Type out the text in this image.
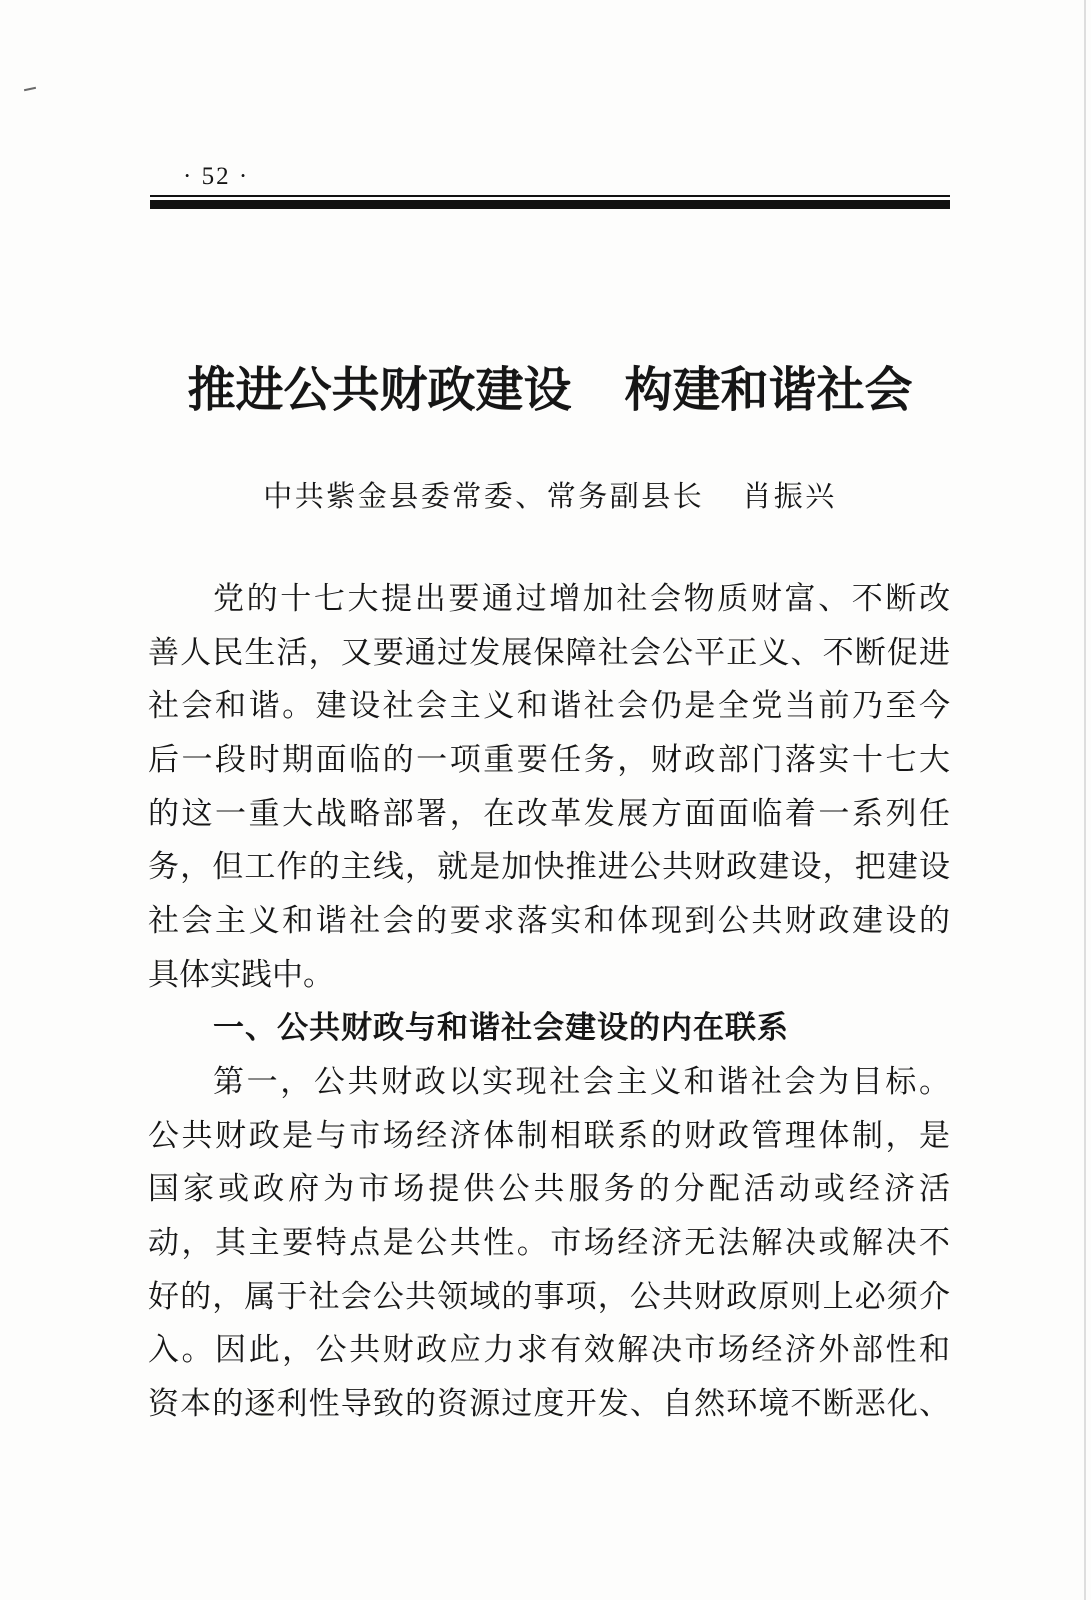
· 52 ·
推进公共财政建设 构建和谐社会
中共紫金县委常委、常务副县长 肖振兴
党的十七大提出要通过增加社会物质财富、不断改
善人民生活，又要通过发展保障社会公平正义、不断促进
社会和谐。建设社会主义和谐社会仍是全党当前乃至今
后一段时期面临的一项重要任务，财政部门落实十七大
的这一重大战略部署，在改革发展方面面临着一系列任
务，但工作的主线，就是加快推进公共财政建设，把建设
社会主义和谐社会的要求落实和体现到公共财政建设的
具体实践中。
一、公共财政与和谐社会建设的内在联系
第一，公共财政以实现社会主义和谐社会为目标。
公共财政是与市场经济体制相联系的财政管理体制，是
国家或政府为市场提供公共服务的分配活动或经济活
动，其主要特点是公共性。市场经济无法解决或解决不
好的，属于社会公共领域的事项，公共财政原则上必须介
入。因此，公共财政应力求有效解决市场经济外部性和
资本的逐利性导致的资源过度开发、自然环境不断恶化、
